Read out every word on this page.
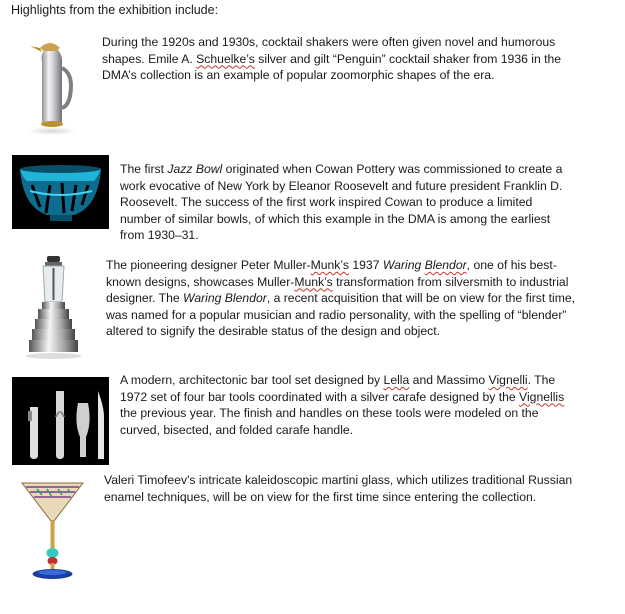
Highlights from the exhibition include:
During the 1920s and 1930s, cocktail shakers were often given novel and humorous shapes. Emile A. Schuelke’s silver and gilt “Penguin” cocktail shaker from 1936 in the DMA’s collection is an example of popular zoomorphic shapes of the era.
The first Jazz Bowl originated when Cowan Pottery was commissioned to create a work evocative of New York by Eleanor Roosevelt and future president Franklin D. Roosevelt. The success of the first work inspired Cowan to produce a limited number of similar bowls, of which this example in the DMA is among the earliest from 1930–31.
The pioneering designer Peter Muller-Munk’s 1937 Waring Blendor, one of his best-known designs, showcases Muller-Munk’s transformation from silversmith to industrial designer. The Waring Blendor, a recent acquisition that will be on view for the first time, was named for a popular musician and radio personality, with the spelling of “blender” altered to signify the desirable status of the design and object.
A modern, architectonic bar tool set designed by Lella and Massimo Vignelli. The 1972 set of four bar tools coordinated with a silver carafe designed by the Vignellis the previous year. The finish and handles on these tools were modeled on the curved, bisected, and folded carafe handle.
Valeri Timofeev's intricate kaleidoscopic martini glass, which utilizes traditional Russian enamel techniques, will be on view for the first time since entering the collection.
